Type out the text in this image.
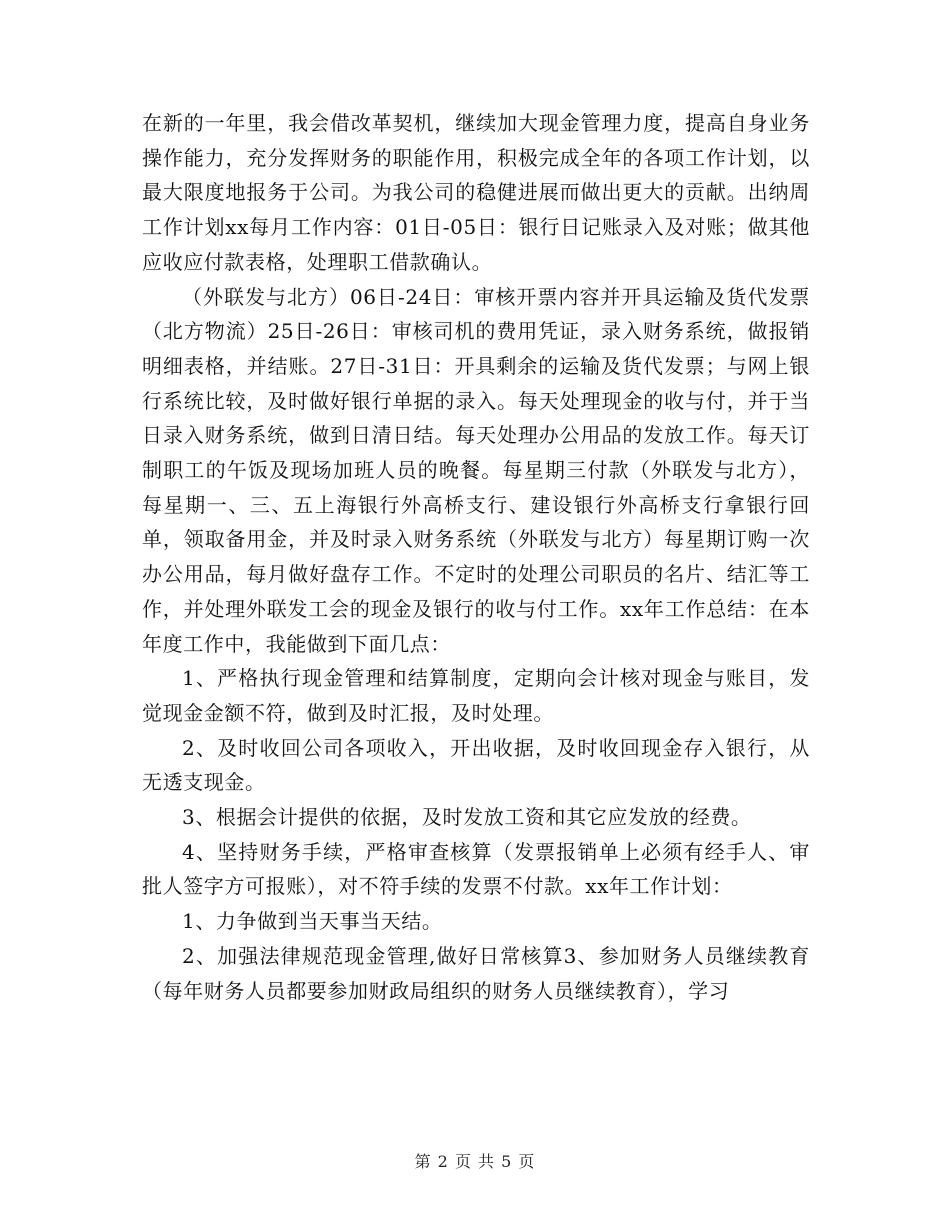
在新的一年里，我会借改革契机，继续加大现金管理力度，提高自身业务操作能力，充分发挥财务的职能作用，积极完成全年的各项工作计划，以最大限度地报务于公司。为我公司的稳健进展而做出更大的贡献。出纳周工作计划xx每月工作内容：01日-05日：银行日记账录入及对账；做其他应收应付款表格，处理职工借款确认。

（外联发与北方）06日-24日：审核开票内容并开具运输及货代发票（北方物流）25日-26日：审核司机的费用凭证，录入财务系统，做报销明细表格，并结账。27日-31日：开具剩余的运输及货代发票；与网上银行系统比较，及时做好银行单据的录入。每天处理现金的收与付，并于当日录入财务系统，做到日清日结。每天处理办公用品的发放工作。每天订制职工的午饭及现场加班人员的晚餐。每星期三付款（外联发与北方），每星期一、三、五上海银行外高桥支行、建设银行外高桥支行拿银行回单，领取备用金，并及时录入财务系统（外联发与北方）每星期订购一次办公用品，每月做好盘存工作。不定时的处理公司职员的名片、结汇等工作，并处理外联发工会的现金及银行的收与付工作。xx年工作总结：在本年度工作中，我能做到下面几点：

1、严格执行现金管理和结算制度，定期向会计核对现金与账目，发觉现金金额不符，做到及时汇报，及时处理。

2、及时收回公司各项收入，开出收据，及时收回现金存入银行，从无透支现金。

3、根据会计提供的依据，及时发放工资和其它应发放的经费。

4、坚持财务手续，严格审查核算（发票报销单上必须有经手人、审批人签字方可报账），对不符手续的发票不付款。xx年工作计划：

1、力争做到当天事当天结。

2、加强法律规范现金管理,做好日常核算3、参加财务人员继续教育（每年财务人员都要参加财政局组织的财务人员继续教育），学习

第 2 页 共 5 页
